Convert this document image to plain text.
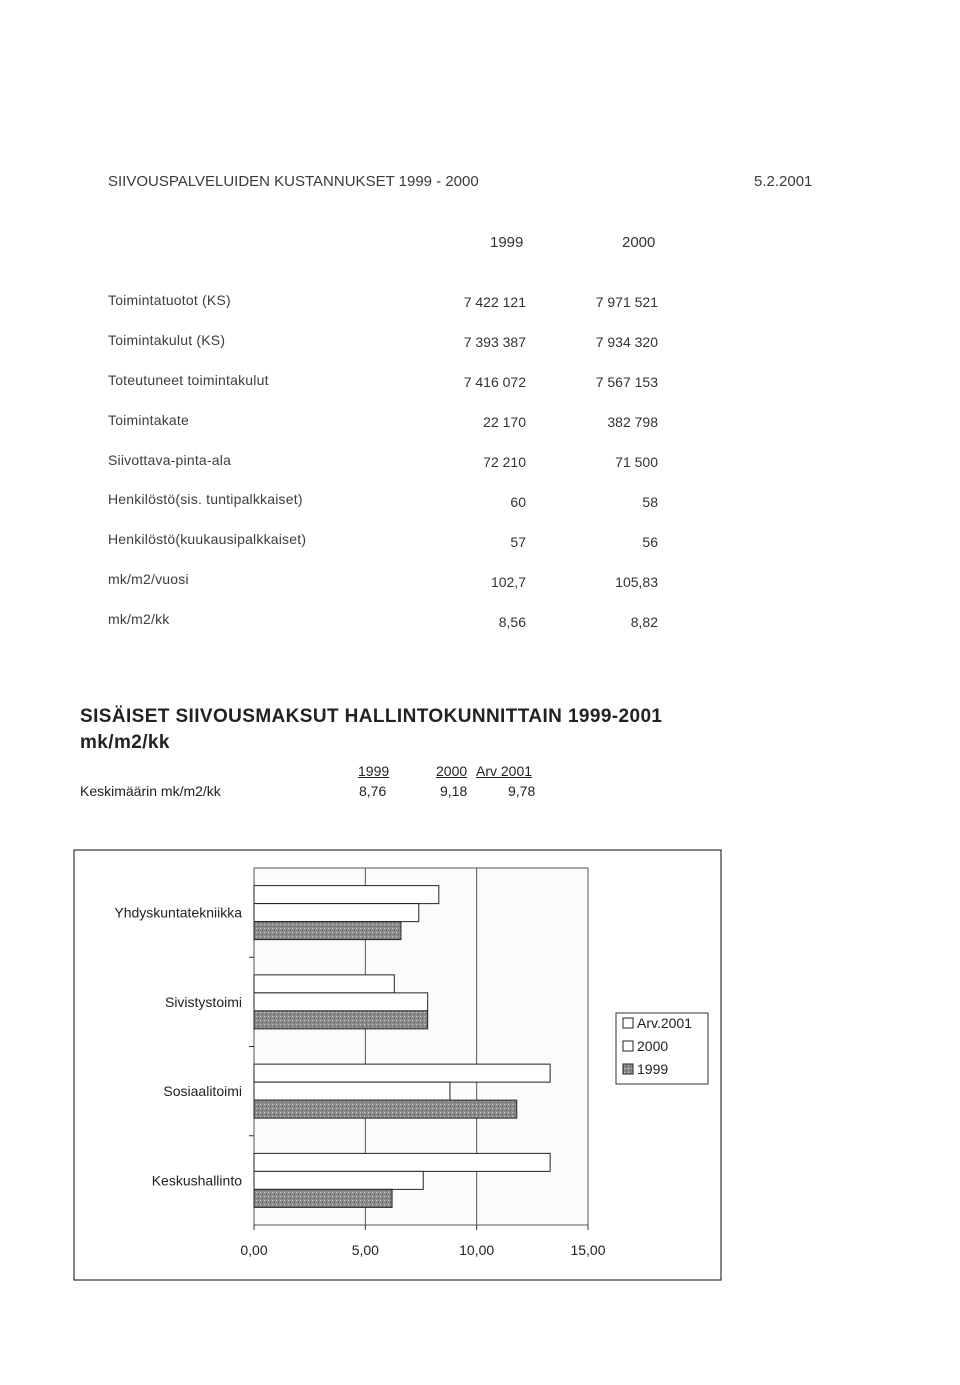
SIIVOUSPALVELUIDEN KUSTANNUKSET 1999 - 2000	5.2.2001
1999	2000
Toimintatuotot (KS)	7 422 121	7 971 521
Toimintakulut (KS)	7 393 387	7 934 320
Toteutuneet toimintakulut	7 416 072	7 567 153
Toimintakate	22 170	382 798
Siivottava-pinta-ala	72 210	71 500
Henkilöstö(sis. tuntipalkkaiset)	60	58
Henkilöstö(kuukausipalkkaiset)	57	56
mk/m2/vuosi	102,7	105,83
mk/m2/kk	8,56	8,82
SISÄISET SIIVOUSMAKSUT HALLINTOKUNNITTAIN 1999-2001
mk/m2/kk
1999	2000 Arv 2001
Keskimäärin mk/m2/kk	8,76	9,18	9,78
Yhdyskuntatekniikka
Sivistystoimi
Sosiaalitoimi
Keskushallinto
0,00	5,00	10,00	15,00
Arv.2001
2000
1999
